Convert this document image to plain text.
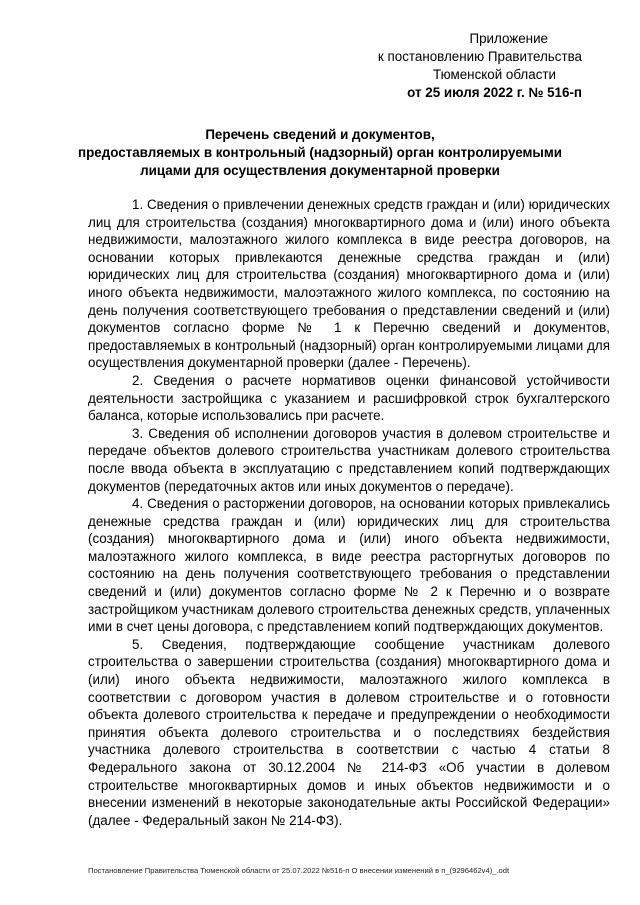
Приложение
к постановлению Правительства
Тюменской области
от 25 июля 2022 г. № 516-п
Перечень сведений и документов,
предоставляемых в контрольный (надзорный) орган контролируемыми
лицами для осуществления документарной проверки

1. Сведения о привлечении денежных средств граждан и (или) юридических лиц для строительства (создания) многоквартирного дома и (или) иного объекта недвижимости, малоэтажного жилого комплекса в виде реестра договоров, на основании которых привлекаются денежные средства граждан и (или) юридических лиц для строительства (создания) многоквартирного дома и (или) иного объекта недвижимости, малоэтажного жилого комплекса, по состоянию на день получения соответствующего требования о представлении сведений и (или) документов согласно форме № 1 к Перечню сведений и документов, предоставляемых в контрольный (надзорный) орган контролируемыми лицами для осуществления документарной проверки (далее - Перечень).

2. Сведения о расчете нормативов оценки финансовой устойчивости деятельности застройщика с указанием и расшифровкой строк бухгалтерского баланса, которые использовались при расчете.

3. Сведения об исполнении договоров участия в долевом строительстве и передаче объектов долевого строительства участникам долевого строительства после ввода объекта в эксплуатацию с представлением копий подтверждающих документов (передаточных актов или иных документов о передаче).

4. Сведения о расторжении договоров, на основании которых привлекались денежные средства граждан и (или) юридических лиц для строительства (создания) многоквартирного дома и (или) иного объекта недвижимости, малоэтажного жилого комплекса, в виде реестра расторгнутых договоров по состоянию на день получения соответствующего требования о представлении сведений и (или) документов согласно форме № 2 к Перечню и о возврате застройщиком участникам долевого строительства денежных средств, уплаченных ими в счет цены договора, с представлением копий подтверждающих документов.

5. Сведения, подтверждающие сообщение участникам долевого строительства о завершении строительства (создания) многоквартирного дома и (или) иного объекта недвижимости, малоэтажного жилого комплекса в соответствии с договором участия в долевом строительстве и о готовности объекта долевого строительства к передаче и предупреждении о необходимости принятия объекта долевого строительства и о последствиях бездействия участника долевого строительства в соответствии с частью 4 статьи 8 Федерального закона от 30.12.2004 № 214-ФЗ «Об участии в долевом строительстве многоквартирных домов и иных объектов недвижимости и о внесении изменений в некоторые законодательные акты Российской Федерации» (далее - Федеральный закон № 214-ФЗ).

Постановление Правительства Тюменской области от 25.07.2022 №516-п О внесении изменений в п_(9296462v4)_.odt
